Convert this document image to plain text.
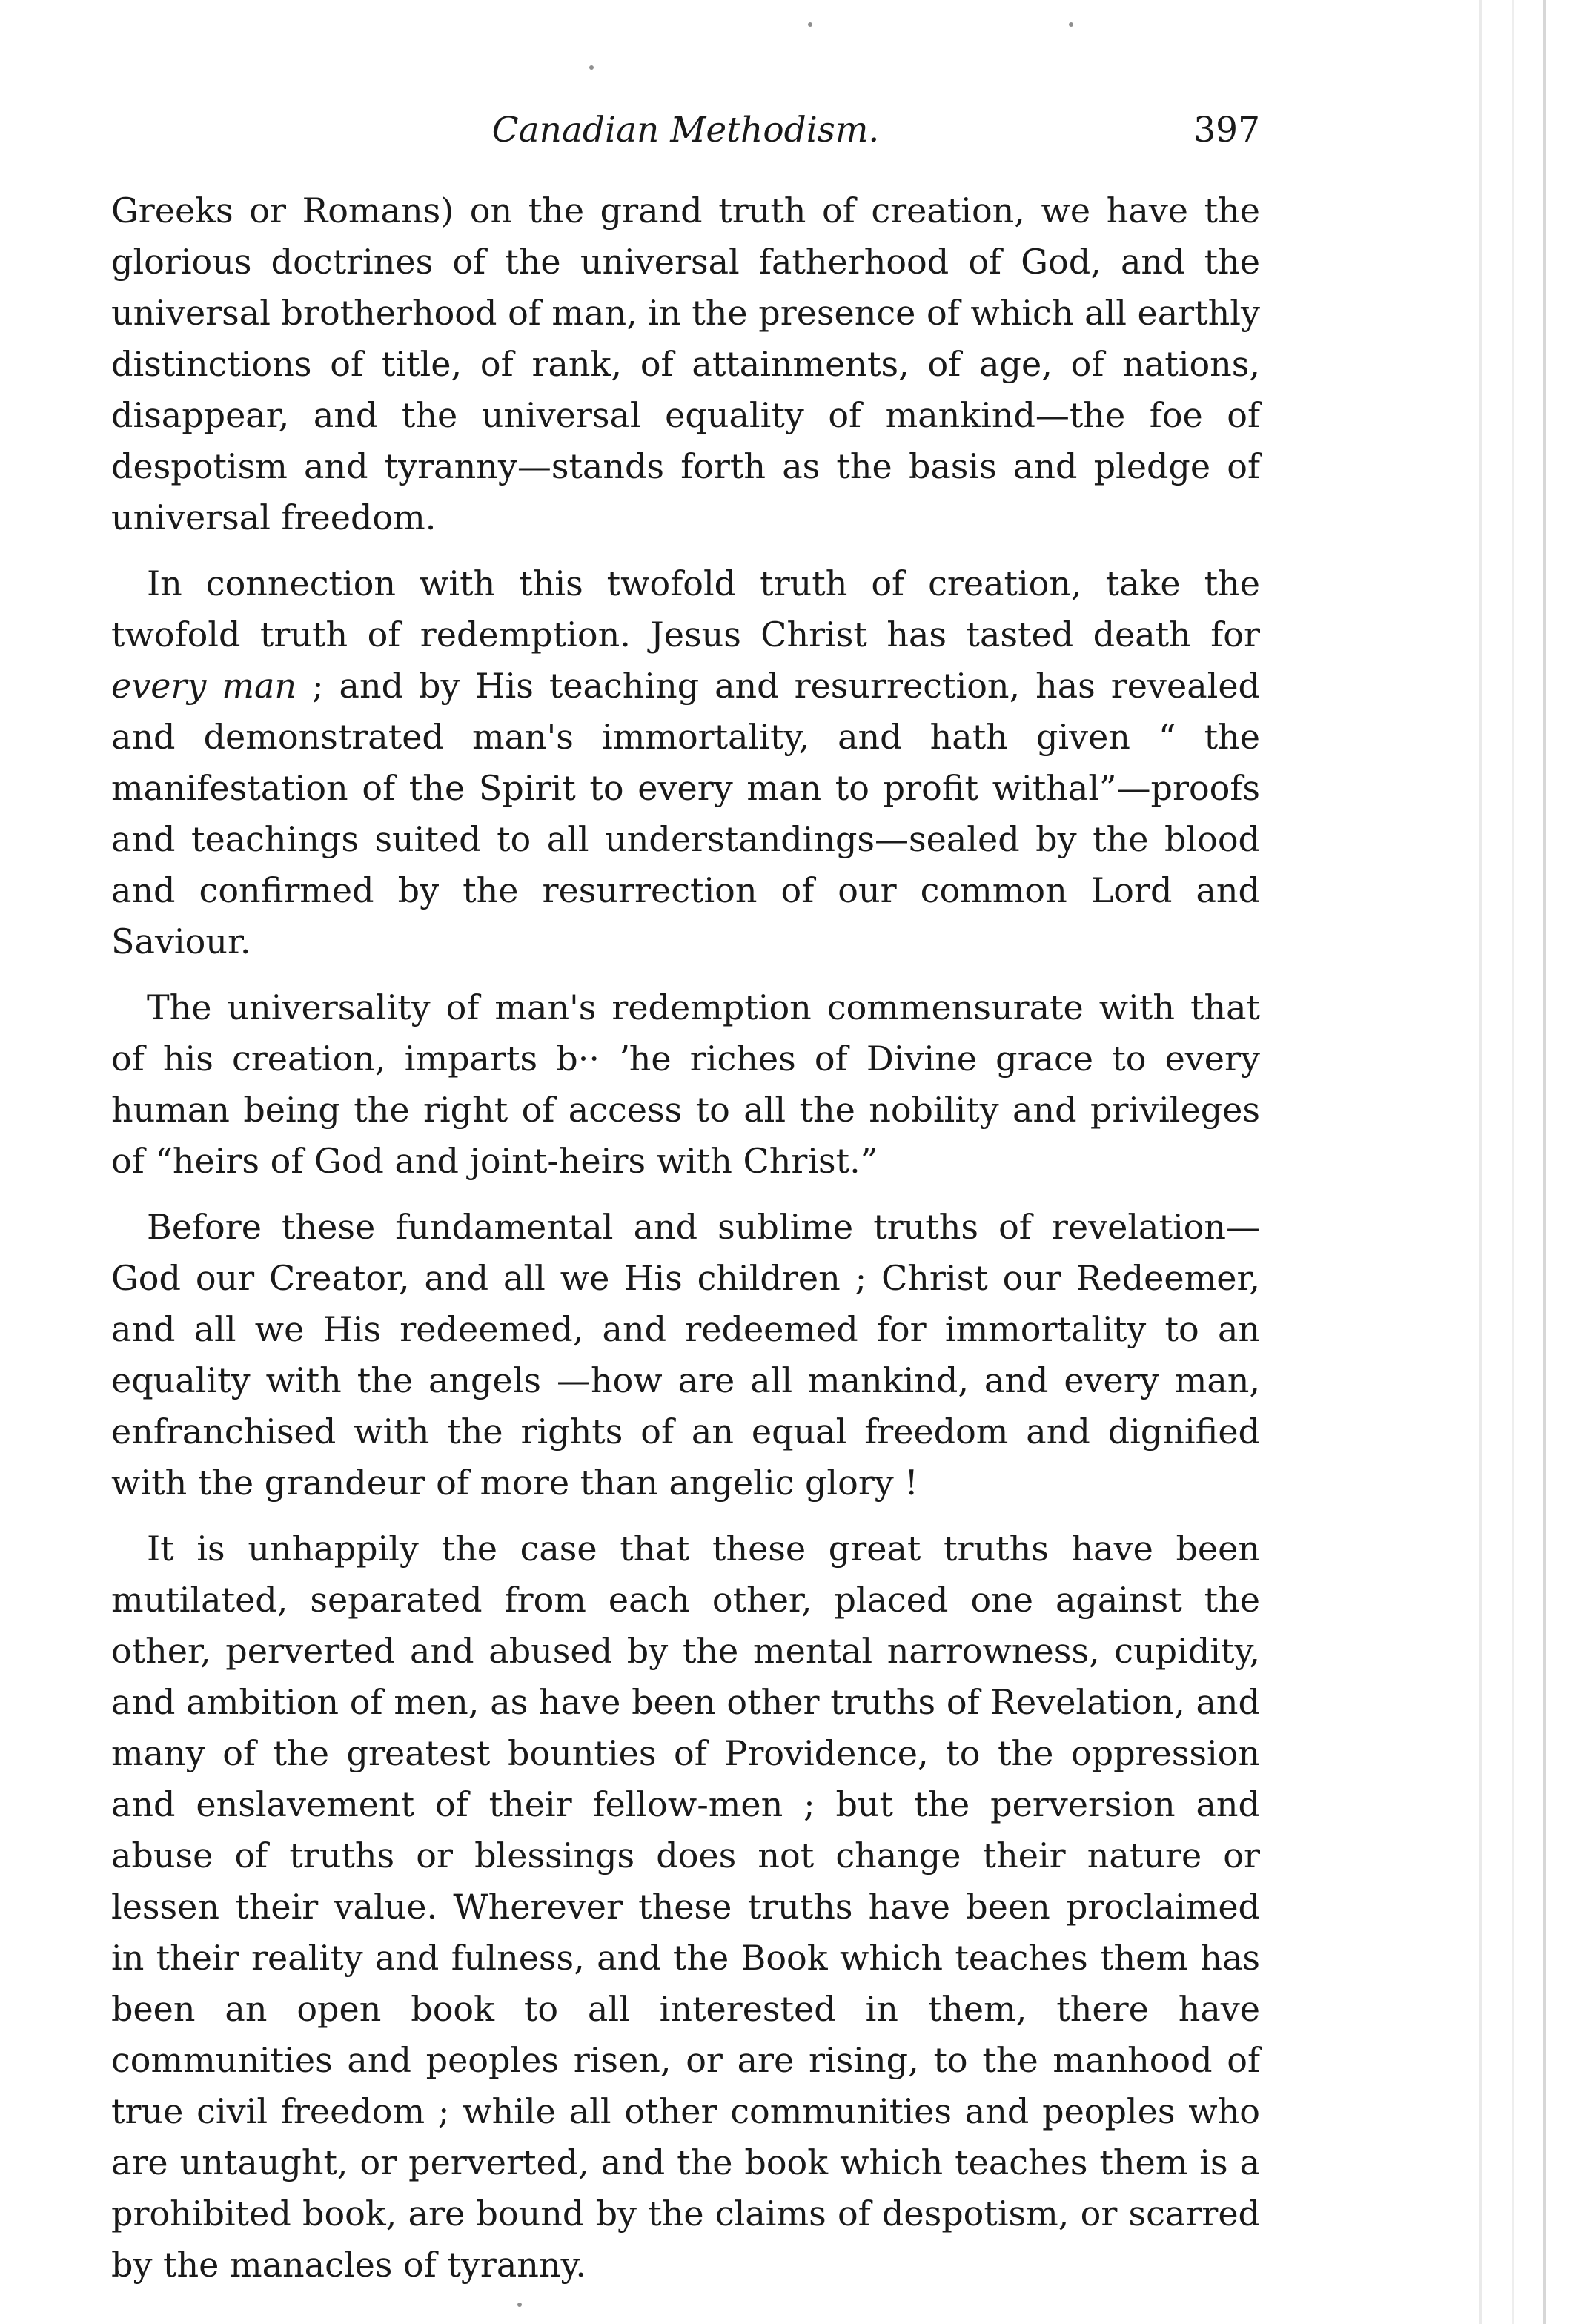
Canadian Methodism.	397

Greeks or Romans) on the grand truth of creation, we have the glorious doctrines of the universal fatherhood of God, and the universal brotherhood of man, in the presence of which all earthly distinctions of title, of rank, of attainments, of age, of nations, disappear, and the universal equality of mankind—the foe of despotism and tyranny—stands forth as the basis and pledge of universal freedom.

In connection with this twofold truth of creation, take the twofold truth of redemption. Jesus Christ has tasted death for every man ; and by His teaching and resurrection, has revealed and demonstrated man's immortality, and hath given “ the manifestation of the Spirit to every man to profit withal”—proofs and teachings suited to all understandings—sealed by the blood and confirmed by the resurrection of our common Lord and Saviour.

The universality of man's redemption commensurate with that of his creation, imparts b·· ʼhe riches of Divine grace to every human being the right of access to all the nobility and privileges of “heirs of God and joint-heirs with Christ.”

Before these fundamental and sublime truths of revelation—God our Creator, and all we His children ; Christ our Redeemer, and all we His redeemed, and redeemed for immortality to an equality with the angels —how are all mankind, and every man, enfranchised with the rights of an equal freedom and dignified with the grandeur of more than angelic glory !

It is unhappily the case that these great truths have been mutilated, separated from each other, placed one against the other, perverted and abused by the mental narrowness, cupidity, and ambition of men, as have been other truths of Revelation, and many of the greatest bounties of Providence, to the oppression and enslavement of their fellow-men ; but the perversion and abuse of truths or blessings does not change their nature or lessen their value. Wherever these truths have been proclaimed in their reality and fulness, and the Book which teaches them has been an open book to all interested in them, there have communities and peoples risen, or are rising, to the manhood of true civil freedom ; while all other communities and peoples who are untaught, or perverted, and the book which teaches them is a prohibited book, are bound by the claims of despotism, or scarred by the manacles of tyranny.
